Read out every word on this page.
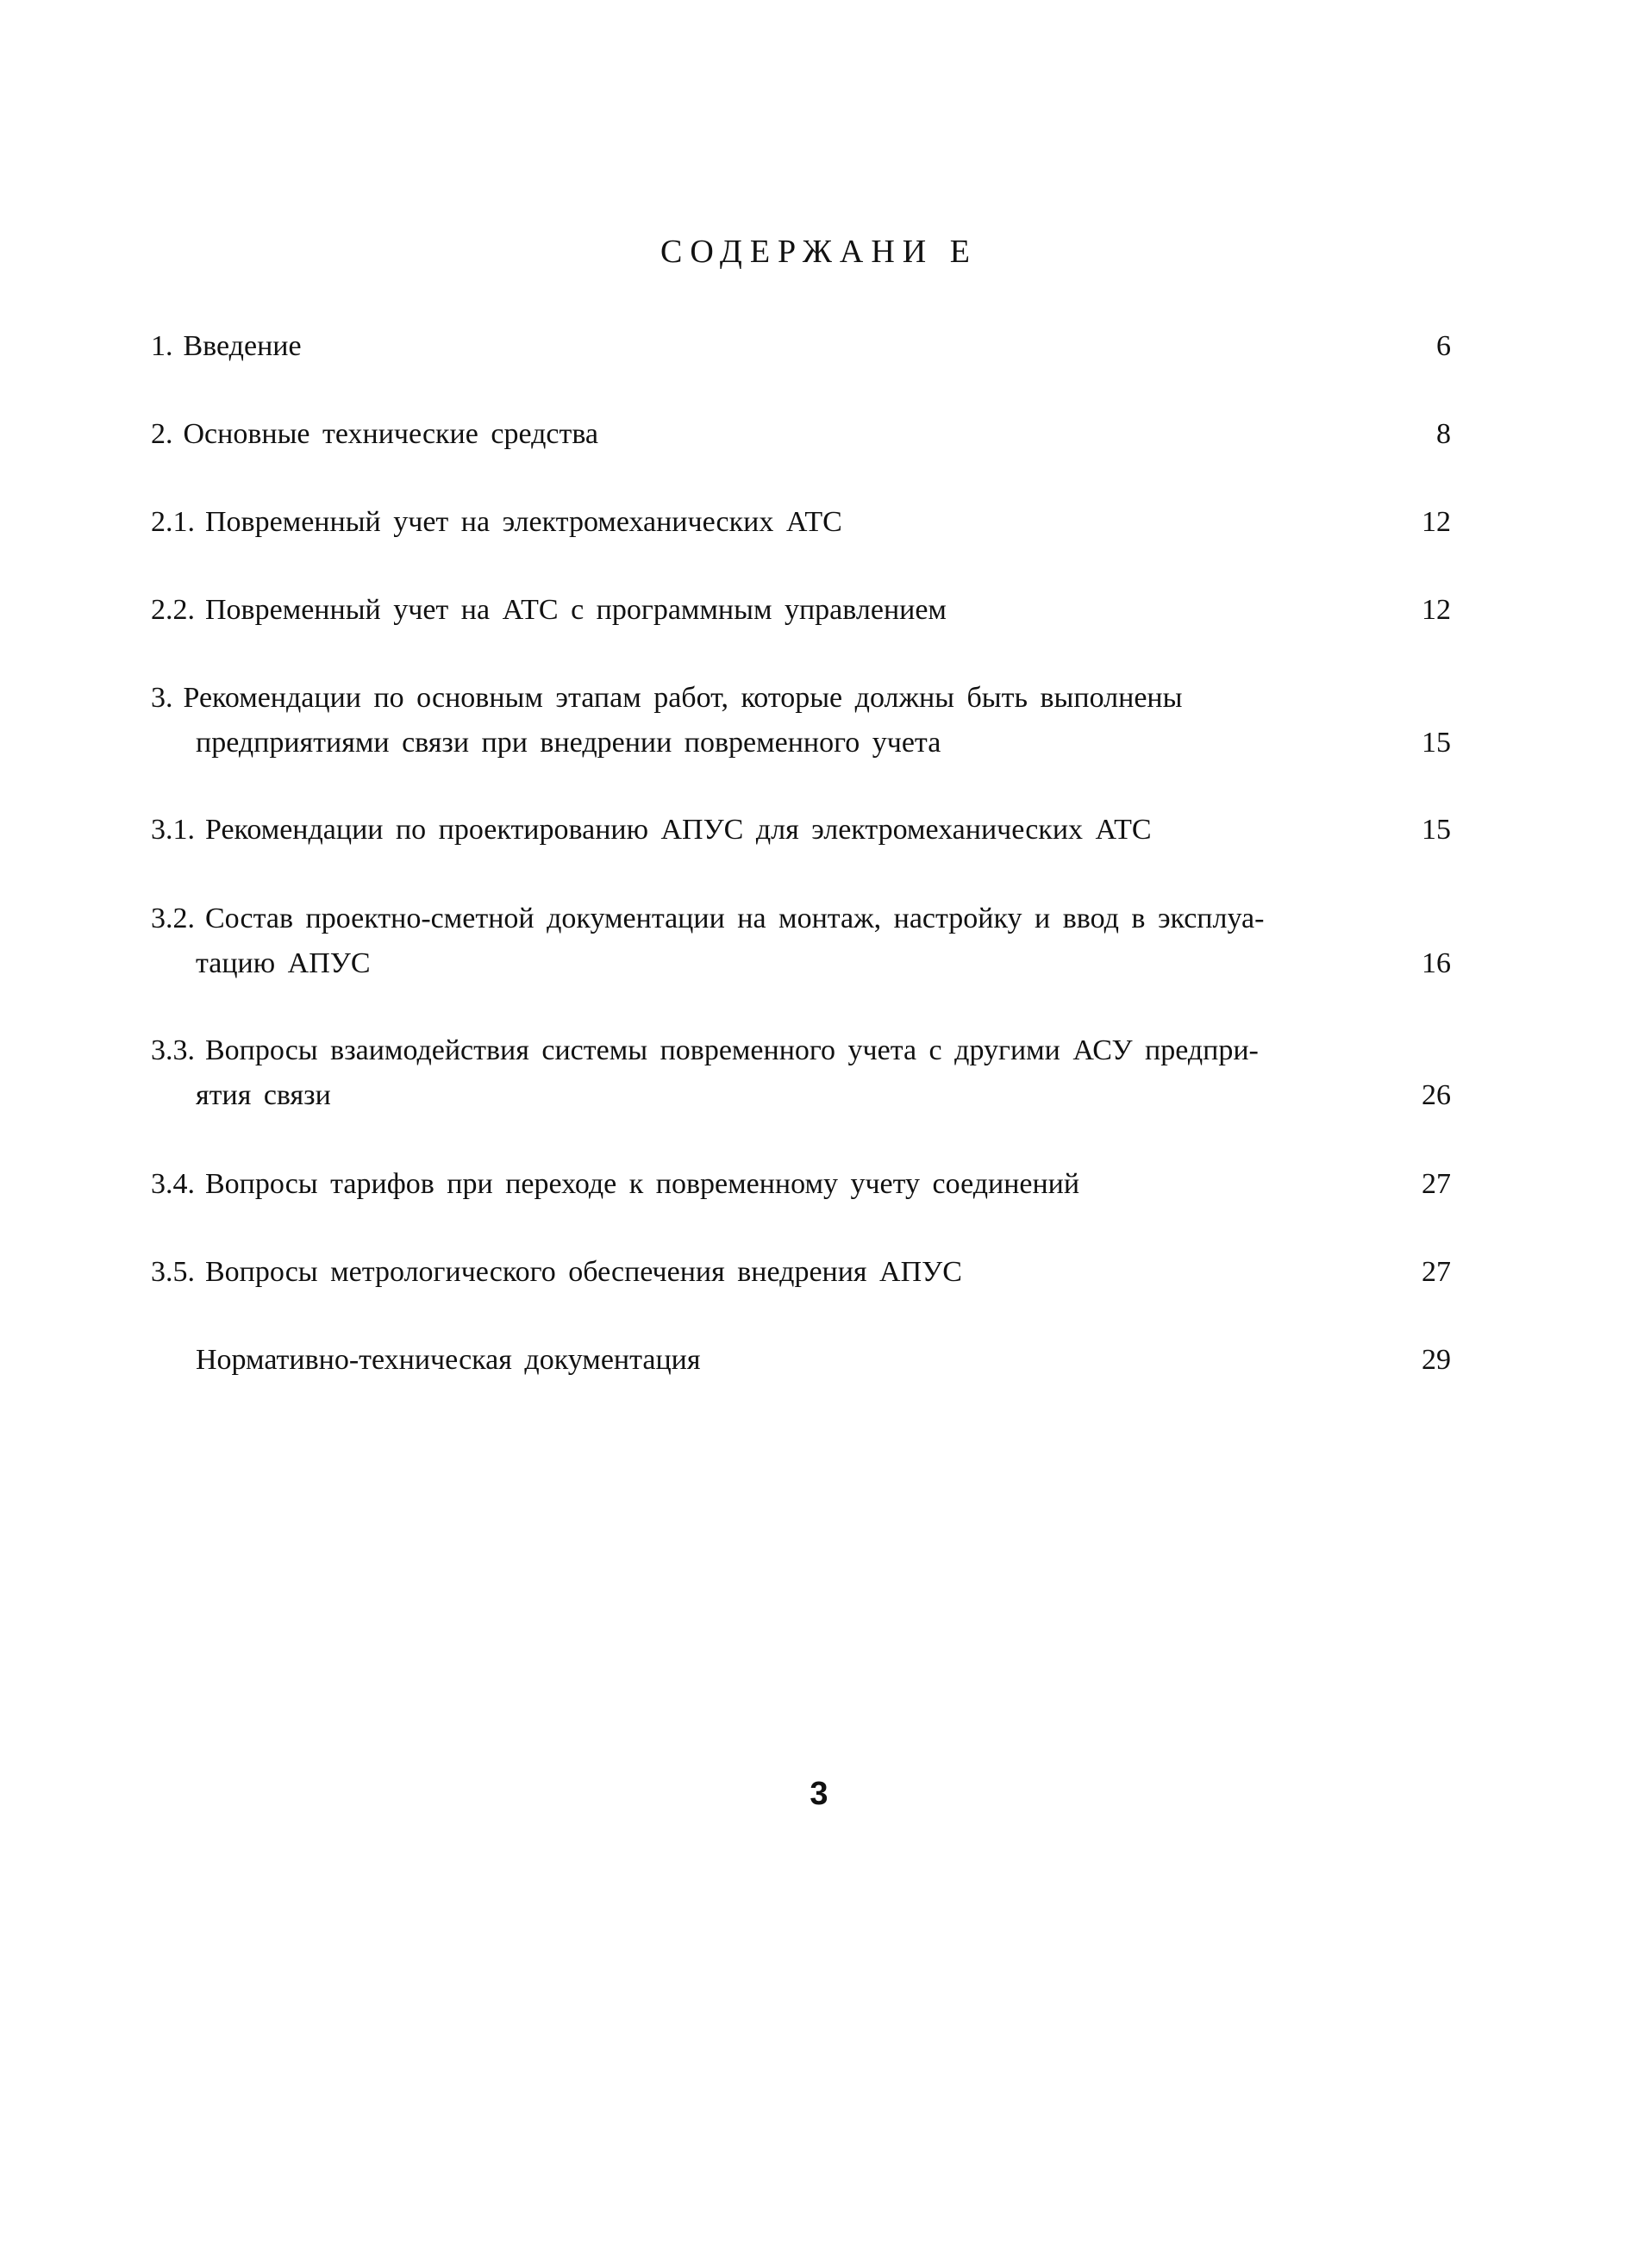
СОДЕРЖАНИ Е
1. Введение	6
2. Основные технические средства	8
2.1. Повременный учет на электромеханических АТС	12
2.2. Повременный учет на АТС с программным управлением	12
3. Рекомендации по основным этапам работ, которые должны быть выполнены
предприятиями связи при внедрении повременного учета	15
3.1. Рекомендации по проектированию АПУС для электромеханических АТС	15
3.2. Состав проектно-сметной документации на монтаж, настройку и ввод в эксплуа-
тацию АПУС	16
3.3. Вопросы взаимодействия системы повременного учета с другими АСУ предпри-
ятия связи	26
3.4. Вопросы тарифов при переходе к повременному учету соединений	27
3.5. Вопросы метрологического обеспечения внедрения АПУС	27
Нормативно-техническая документация	29
3
